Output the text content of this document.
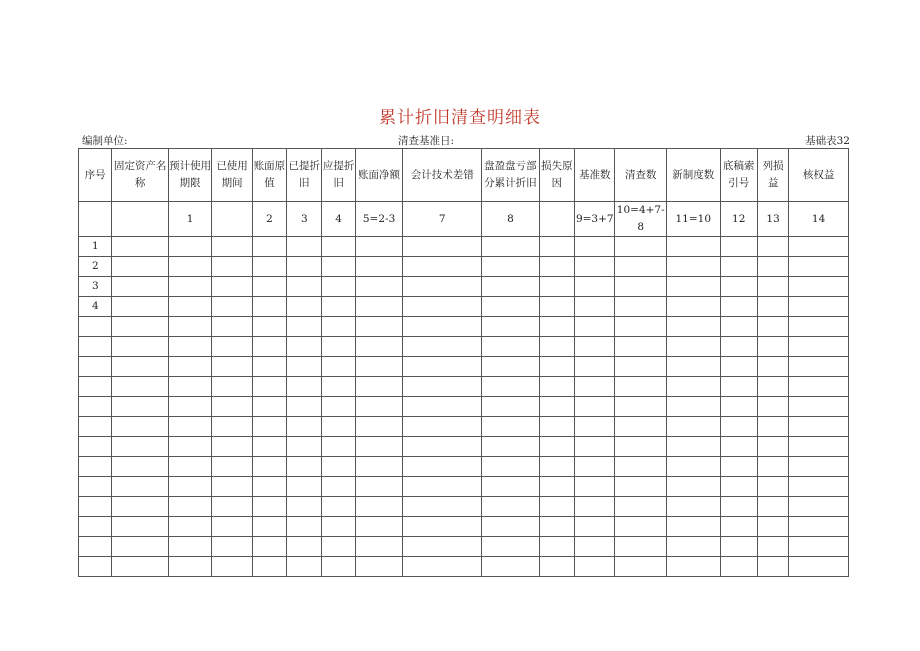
累计折旧清查明细表
编制单位:	清查基准日:	基础表32
序号	固定资产名称	预计使用期限	已使用期间	账面原值	已提折旧	应提折旧	账面净额	会计技术差错	盘盈盘亏部分累计折旧	损失原因	基准数	清查数	新制度数	底稿索引号	列损益	核权益
		1		2	3	4	5=2-3	7	8		9=3+7	10=4+7-8	11=10	12	13	14
1																
2																
3																
4																
